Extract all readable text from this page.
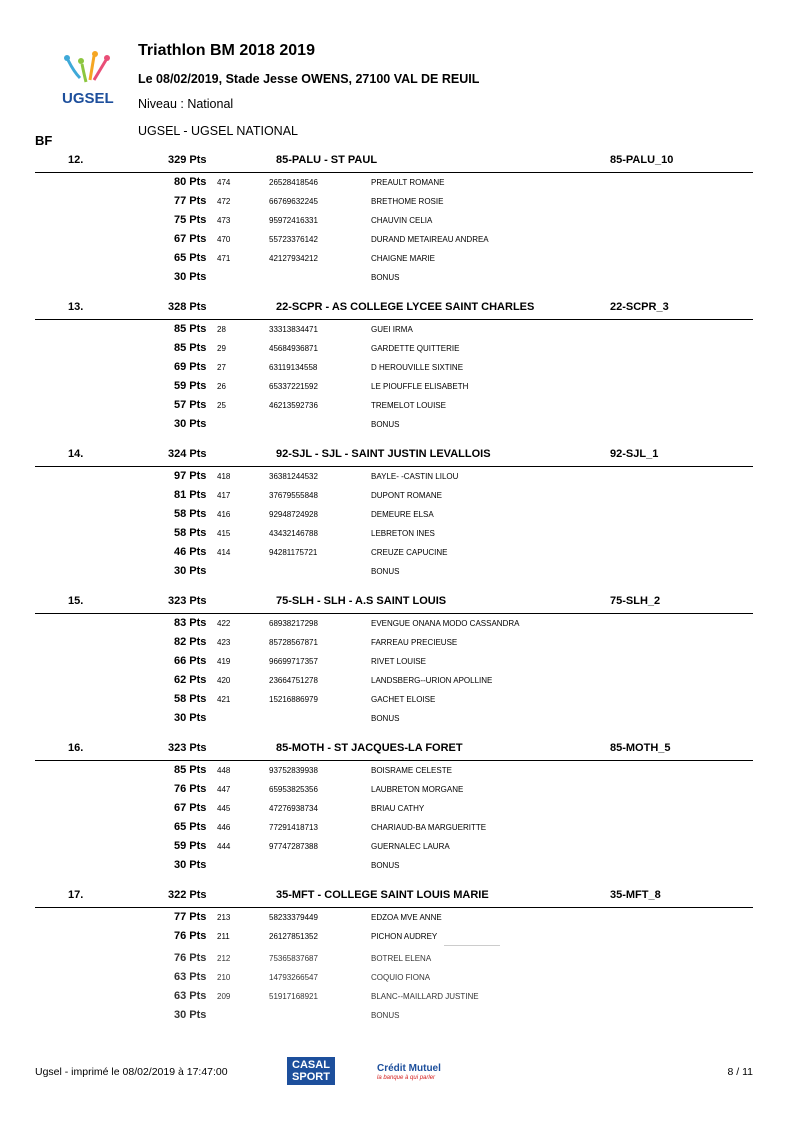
UGSEL
Triathlon BM 2018 2019
Le 08/02/2019, Stade Jesse OWENS, 27100 VAL DE REUIL
Niveau : National
UGSEL - UGSEL NATIONAL
BF
12.	329 Pts	85-PALU - ST PAUL	85-PALU_10
80 Pts 474	26528418546	PREAULT ROMANE
77 Pts 472	66769632245	BRETHOME ROSIE
75 Pts 473	95972416331	CHAUVIN CELIA
67 Pts 470	55723376142	DURAND METAIREAU ANDREA
65 Pts 471	42127934212	CHAIGNE MARIE
30 Pts	BONUS
13.	328 Pts	22-SCPR - AS COLLEGE LYCEE SAINT CHARLES	22-SCPR_3
85 Pts 28	33313834471	GUEI IRMA
85 Pts 29	45684936871	GARDETTE QUITTERIE
69 Pts 27	63119134558	D HEROUVILLE SIXTINE
59 Pts 26	65337221592	LE PIOUFFLE ELISABETH
57 Pts 25	46213592736	TREMELOT LOUISE
30 Pts	BONUS
14.	324 Pts	92-SJL - SJL - SAINT JUSTIN LEVALLOIS	92-SJL_1
97 Pts 418	36381244532	BAYLE- -CASTIN LILOU
81 Pts 417	37679555848	DUPONT ROMANE
58 Pts 416	92948724928	DEMEURE ELSA
58 Pts 415	43432146788	LEBRETON INES
46 Pts 414	94281175721	CREUZE CAPUCINE
30 Pts	BONUS
15.	323 Pts	75-SLH - SLH - A.S SAINT LOUIS	75-SLH_2
83 Pts 422	68938217298	EVENGUE ONANA MODO CASSANDRA
82 Pts 423	85728567871	FARREAU PRECIEUSE
66 Pts 419	96699717357	RIVET LOUISE
62 Pts 420	23664751278	LANDSBERG--URION APOLLINE
58 Pts 421	15216886979	GACHET ELOISE
30 Pts	BONUS
16.	323 Pts	85-MOTH - ST JACQUES-LA FORET	85-MOTH_5
85 Pts 448	93752839938	BOISRAME CELESTE
76 Pts 447	65953825356	LAUBRETON MORGANE
67 Pts 445	47276938734	BRIAU CATHY
65 Pts 446	77291418713	CHARIAUD-BA MARGUERITTE
59 Pts 444	97747287388	GUERNALEC LAURA
30 Pts	BONUS
17.	322 Pts	35-MFT - COLLEGE SAINT LOUIS MARIE	35-MFT_8
77 Pts 213	58233379449	EDZOA MVE ANNE
76 Pts 211	26127851352	PICHON AUDREY
76 Pts 212	75365837687	BOTREL ELENA
63 Pts 210	14793266547	COQUIO FIONA
63 Pts 209	51917168921	BLANC--MAILLARD JUSTINE
30 Pts	BONUS
Ugsel - imprimé le 08/02/2019 à 17:47:00
CASAL
SPORT
Crédit Mutuel
la banque à qui parler	8 / 11
